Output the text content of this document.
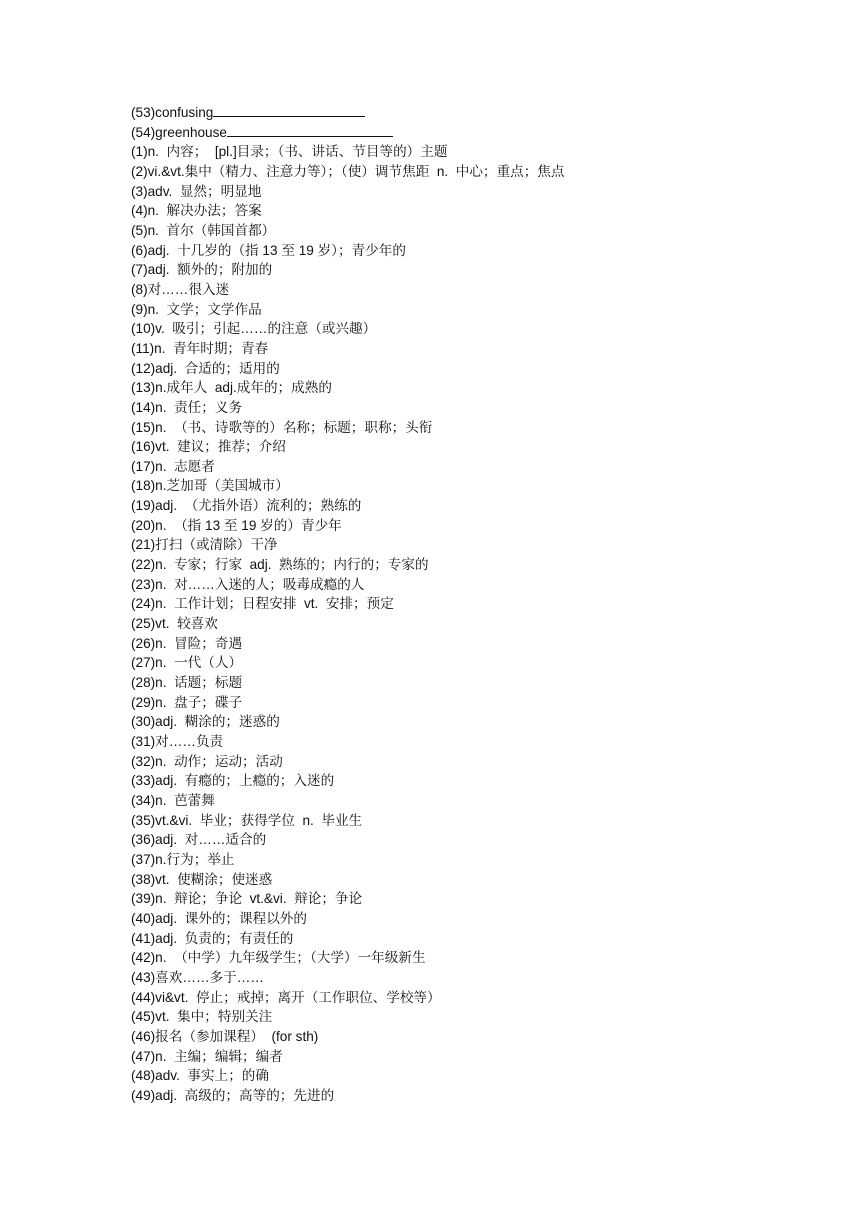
(53)confusing
(54)greenhouse
(1)n.  内容；  [pl.]目录；（书、讲话、节目等的）主题
(2)vi.&vt.集中（精力、注意力等）；（使）调节焦距  n.  中心；重点；焦点
(3)adv.  显然；明显地
(4)n.  解决办法；答案
(5)n.  首尔（韩国首都）
(6)adj.  十几岁的（指 13 至 19 岁）；青少年的
(7)adj.  额外的；附加的
(8)对……很入迷
(9)n.  文学；文学作品
(10)v.  吸引；引起……的注意（或兴趣）
(11)n.  青年时期；青春
(12)adj.  合适的；适用的
(13)n.成年人  adj.成年的；成熟的
(14)n.  责任；义务
(15)n.  （书、诗歌等的）名称；标题；职称；头衔
(16)vt.  建议；推荐；介绍
(17)n.  志愿者
(18)n.芝加哥（美国城市）
(19)adj.  （尤指外语）流利的；熟练的
(20)n.  （指 13 至 19 岁的）青少年
(21)打扫（或清除）干净
(22)n.  专家；行家  adj.  熟练的；内行的；专家的
(23)n.  对……入迷的人；吸毒成瘾的人
(24)n.  工作计划；日程安排  vt.  安排；预定
(25)vt.  较喜欢
(26)n.  冒险；奇遇
(27)n.  一代（人）
(28)n.  话题；标题
(29)n.  盘子；碟子
(30)adj.  糊涂的；迷惑的
(31)对……负责
(32)n.  动作；运动；活动
(33)adj.  有瘾的；上瘾的；入迷的
(34)n.  芭蕾舞
(35)vt.&vi.  毕业；获得学位  n.  毕业生
(36)adj.  对……适合的
(37)n.行为；举止
(38)vt.  使糊涂；使迷惑
(39)n.  辩论；争论  vt.&vi.  辩论；争论
(40)adj.  课外的；课程以外的
(41)adj.  负责的；有责任的
(42)n.  （中学）九年级学生；（大学）一年级新生
(43)喜欢……多于……
(44)vi&vt.  停止；戒掉；离开（工作职位、学校等）
(45)vt.  集中；特别关注
(46)报名（参加课程）  (for sth)
(47)n.  主编；编辑；编者
(48)adv.  事实上；的确
(49)adj.  高级的；高等的；先进的
